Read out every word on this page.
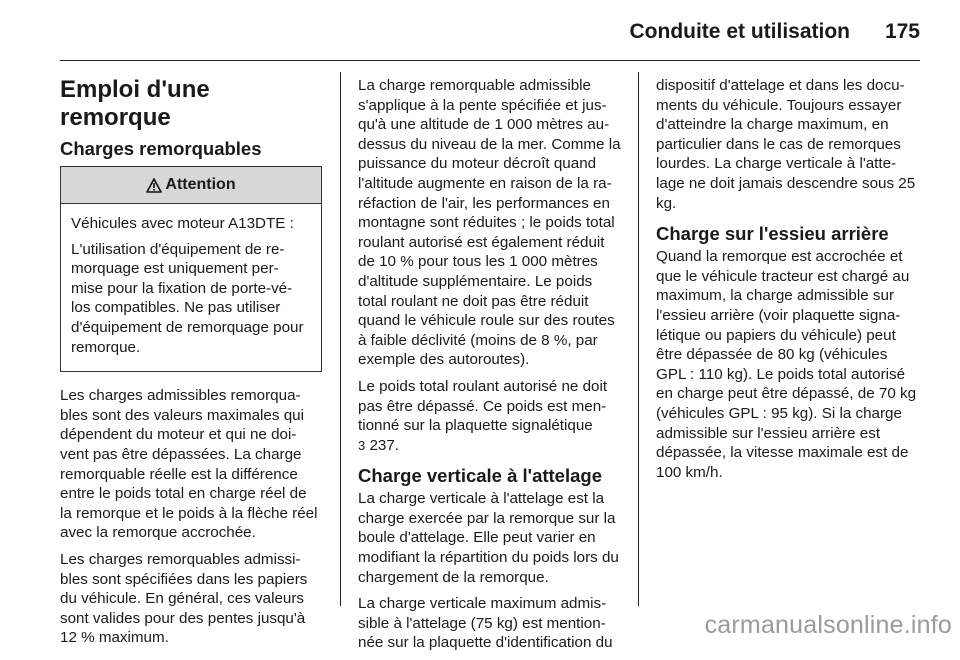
Conduite et utilisation 175
Emploi d'une remorque
Charges remorquables
Attention

Véhicules avec moteur A13DTE :

L'utilisation d'équipement de re- morquage est uniquement per- mise pour la fixation de porte-vé- los compatibles. Ne pas utiliser d'équipement de remorquage pour remorque.

Les charges admissibles remorqua- bles sont des valeurs maximales qui dépendent du moteur et qui ne doi- vent pas être dépassées. La charge remorquable réelle est la différence entre le poids total en charge réel de la remorque et le poids à la flèche réel avec la remorque accrochée.

Les charges remorquables admissi- bles sont spécifiées dans les papiers du véhicule. En général, ces valeurs sont valides pour des pentes jusqu'à 12 % maximum.

La charge remorquable admissible s'applique à la pente spécifiée et jus- qu'à une altitude de 1 000 mètres au- dessus du niveau de la mer. Comme la puissance du moteur décroît quand l'altitude augmente en raison de la ra- réfaction de l'air, les performances en montagne sont réduites ; le poids total roulant autorisé est également réduit de 10 % pour tous les 1 000 mètres d'altitude supplémentaire. Le poids total roulant ne doit pas être réduit quand le véhicule roule sur des routes à faible déclivité (moins de 8 %, par exemple des autoroutes).

Le poids total roulant autorisé ne doit pas être dépassé. Ce poids est men- tionné sur la plaquette signalétique
3 237.

Charge verticale à l'attelage

La charge verticale à l'attelage est la charge exercée par la remorque sur la boule d'attelage. Elle peut varier en modifiant la répartition du poids lors du chargement de la remorque.

La charge verticale maximum admis- sible à l'attelage (75 kg) est mention- née sur la plaquette d'identification du

dispositif d'attelage et dans les docu- ments du véhicule. Toujours essayer d'atteindre la charge maximum, en particulier dans le cas de remorques lourdes. La charge verticale à l'atte- lage ne doit jamais descendre sous 25 kg.

Charge sur l'essieu arrière

Quand la remorque est accrochée et que le véhicule tracteur est chargé au maximum, la charge admissible sur l'essieu arrière (voir plaquette signa- létique ou papiers du véhicule) peut être dépassée de 80 kg (véhicules GPL : 110 kg). Le poids total autorisé en charge peut être dépassé, de 70 kg (véhicules GPL : 95 kg). Si la charge admissible sur l'essieu arrière est dépassée, la vitesse maximale est de 100 km/h.

carmanualsonline.info
